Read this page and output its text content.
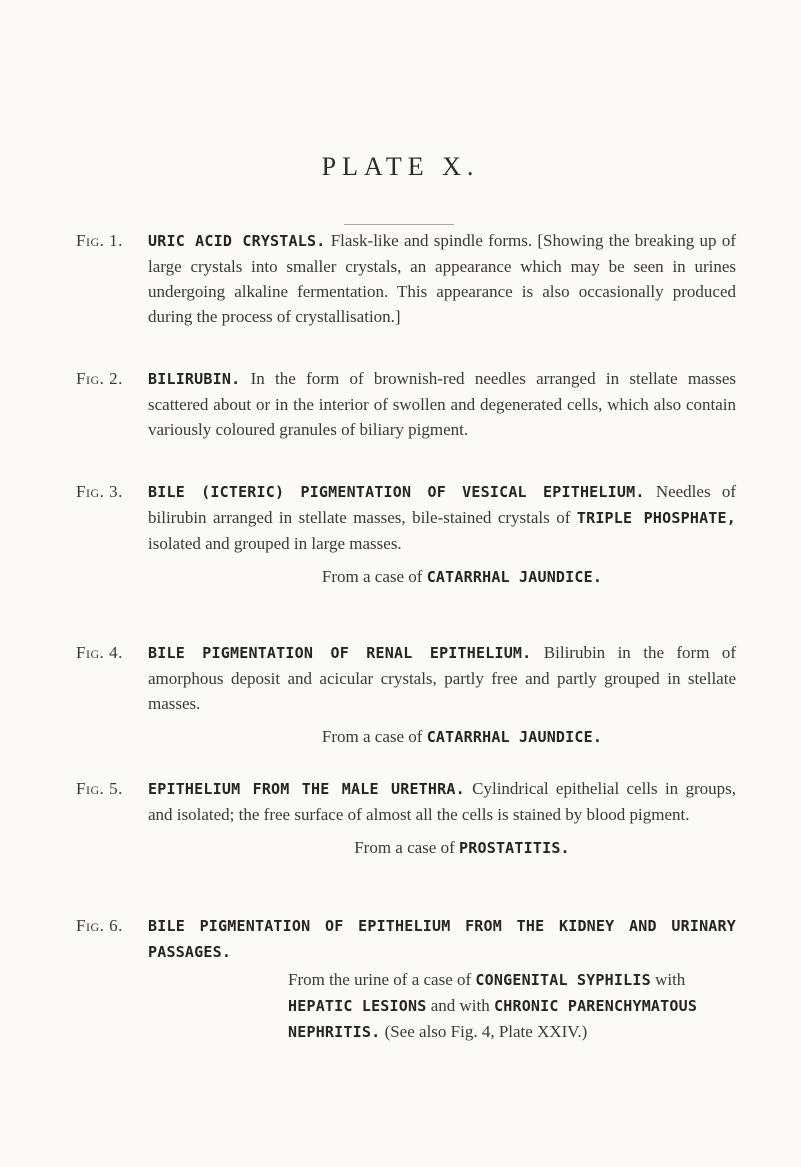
PLATE X.
Fig. 1.	URIC ACID CRYSTALS. Flask-like and spindle forms. [Showing the breaking up of large crystals into smaller crystals, an appearance which may be seen in urines undergoing alkaline fermentation. This appearance is also occasionally produced during the process of crystallisation.]
Fig. 2.	BILIRUBIN. In the form of brownish-red needles arranged in stellate masses scattered about or in the interior of swollen and degenerated cells, which also contain variously coloured granules of biliary pigment.
Fig. 3.	BILE (ICTERIC) PIGMENTATION OF VESICAL EPITHELIUM. Needles of bilirubin arranged in stellate masses, bile-stained crystals of TRIPLE PHOSPHATE, isolated and grouped in large masses.
From a case of CATARRHAL JAUNDICE.
Fig. 4.	BILE PIGMENTATION OF RENAL EPITHELIUM. Bilirubin in the form of amorphous deposit and acicular crystals, partly free and partly grouped in stellate masses.
From a case of CATARRHAL JAUNDICE.
Fig. 5.	EPITHELIUM FROM THE MALE URETHRA. Cylindrical epithelial cells in groups, and isolated; the free surface of almost all the cells is stained by blood pigment.
From a case of PROSTATITIS.
Fig. 6.	BILE PIGMENTATION OF EPITHELIUM FROM THE KIDNEY AND URINARY PASSAGES.
From the urine of a case of CONGENITAL SYPHILIS with HEPATIC LESIONS and with CHRONIC PARENCHYMATOUS NEPHRITIS. (See also Fig. 4, Plate XXIV.)
